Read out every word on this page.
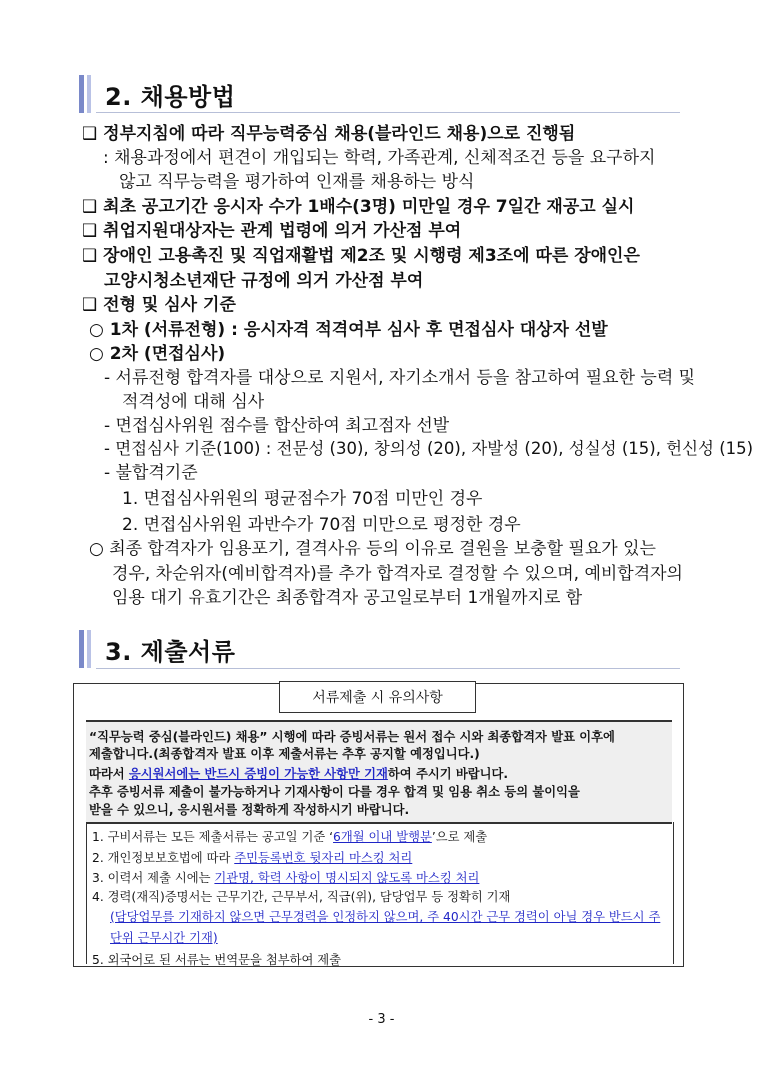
2. 채용방법
❑ 정부지침에 따라 직무능력중심 채용(블라인드 채용)으로 진행됨
: 채용과정에서 편견이 개입되는 학력, 가족관계, 신체적조건 등을 요구하지
않고 직무능력을 평가하여 인재를 채용하는 방식
❑ 최초 공고기간 응시자 수가 1배수(3명) 미만일 경우 7일간 재공고 실시
❑ 취업지원대상자는 관계 법령에 의거 가산점 부여
❑ 장애인 고용촉진 및 직업재활법 제2조 및 시행령 제3조에 따른 장애인은
고양시청소년재단 규정에 의거 가산점 부여
❑ 전형 및 심사 기준
○ 1차 (서류전형) : 응시자격 적격여부 심사 후 면접심사 대상자 선발
○ 2차 (면접심사)
- 서류전형 합격자를 대상으로 지원서, 자기소개서 등을 참고하여 필요한 능력 및
적격성에 대해 심사
- 면접심사위원 점수를 합산하여 최고점자 선발
- 면접심사 기준(100) : 전문성 (30), 창의성 (20), 자발성 (20), 성실성 (15), 헌신성 (15)
- 불합격기준
1. 면접심사위원의 평균점수가 70점 미만인 경우
2. 면접심사위원 과반수가 70점 미만으로 평정한 경우
○ 최종 합격자가 임용포기, 결격사유 등의 이유로 결원을 보충할 필요가 있는
경우, 차순위자(예비합격자)를 추가 합격자로 결정할 수 있으며, 예비합격자의
임용 대기 유효기간은 최종합격자 공고일로부터 1개월까지로 함
3. 제출서류
서류제출 시 유의사항
“직무능력 중심(블라인드) 채용” 시행에 따라 증빙서류는 원서 접수 시와 최종합격자 발표 이후에
제출합니다.(최종합격자 발표 이후 제출서류는 추후 공지할 예정입니다.)
따라서 응시원서에는 반드시 증빙이 가능한 사항만 기재하여 주시기 바랍니다.
추후 증빙서류 제출이 불가능하거나 기재사항이 다를 경우 합격 및 임용 취소 등의 불이익을
받을 수 있으니, 응시원서를 정확하게 작성하시기 바랍니다.
1. 구비서류는 모든 제출서류는 공고일 기준 ‘6개월 이내 발행분’으로 제출
2. 개인정보보호법에 따라 주민등록번호 뒷자리 마스킹 처리
3. 이력서 제출 시에는 기관명, 학력 사항이 명시되지 않도록 마스킹 처리
4. 경력(재직)증명서는 근무기간, 근무부서, 직급(위), 담당업무 등 정확히 기재
(담당업무를 기재하지 않으면 근무경력을 인정하지 않으며, 주 40시간 근무 경력이 아닐 경우 반드시 주
단위 근무시간 기재)
5. 외국어로 된 서류는 번역문을 첨부하여 제출
- 3 -
